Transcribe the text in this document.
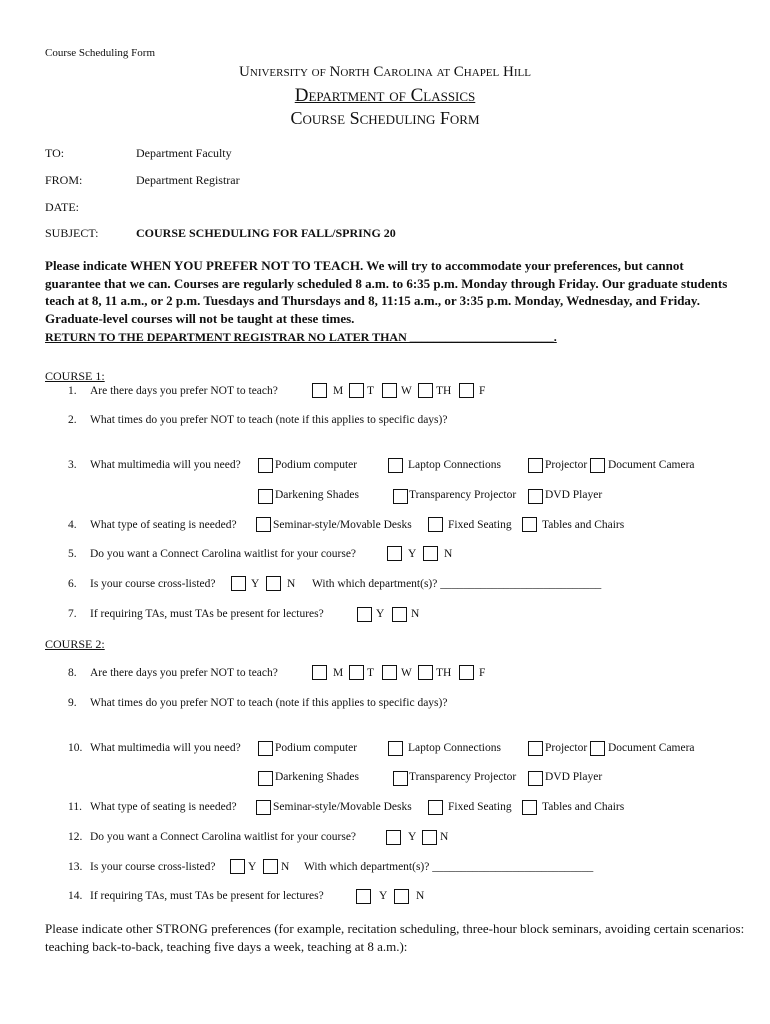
Course Scheduling Form
University of North Carolina at Chapel Hill
Department of Classics
Course Scheduling Form
TO:	Department Faculty
FROM:	Department Registrar
DATE:
SUBJECT:	COURSE SCHEDULING FOR FALL/SPRING 20
Please indicate WHEN YOU PREFER NOT TO TEACH. We will try to accommodate your preferences, but cannot guarantee that we can. Courses are regularly scheduled 8 a.m. to 6:35 p.m. Monday through Friday. Our graduate students teach at 8, 11 a.m., or 2 p.m. Tuesdays and Thursdays and 8, 11:15 a.m., or 3:35 p.m. Monday, Wednesday, and Friday. Graduate-level courses will not be taught at these times.
RETURN TO THE DEPARTMENT REGISTRAR NO LATER THAN ________________________.
COURSE 1:
1. Are there days you prefer NOT to teach?	M T W TH F
2. What times do you prefer NOT to teach (note if this applies to specific days)?
3. What multimedia will you need?	Podium computer	Laptop Connections	Projector Document Camera
Darkening Shades	Transparency Projector	DVD Player
4. What type of seating is needed?	Seminar-style/Movable Desks	Fixed Seating	Tables and Chairs
5. Do you want a Connect Carolina waitlist for your course?	Y N
6. Is your course cross-listed?	Y N With which department(s)? ____________________________
7. If requiring TAs, must TAs be present for lectures?	Y N
COURSE 2:
8. Are there days you prefer NOT to teach?	M T W TH F
9. What times do you prefer NOT to teach (note if this applies to specific days)?
10. What multimedia will you need?	Podium computer	Laptop Connections	Projector Document Camera
Darkening Shades	Transparency Projector	DVD Player
11. What type of seating is needed?	Seminar-style/Movable Desks	Fixed Seating	Tables and Chairs
12. Do you want a Connect Carolina waitlist for your course?	Y N
13. Is your course cross-listed?	Y N With which department(s)? ____________________________
14. If requiring TAs, must TAs be present for lectures?	Y N
Please indicate other STRONG preferences (for example, recitation scheduling, three-hour block seminars, avoiding certain scenarios: teaching back-to-back, teaching five days a week, teaching at 8 a.m.):
